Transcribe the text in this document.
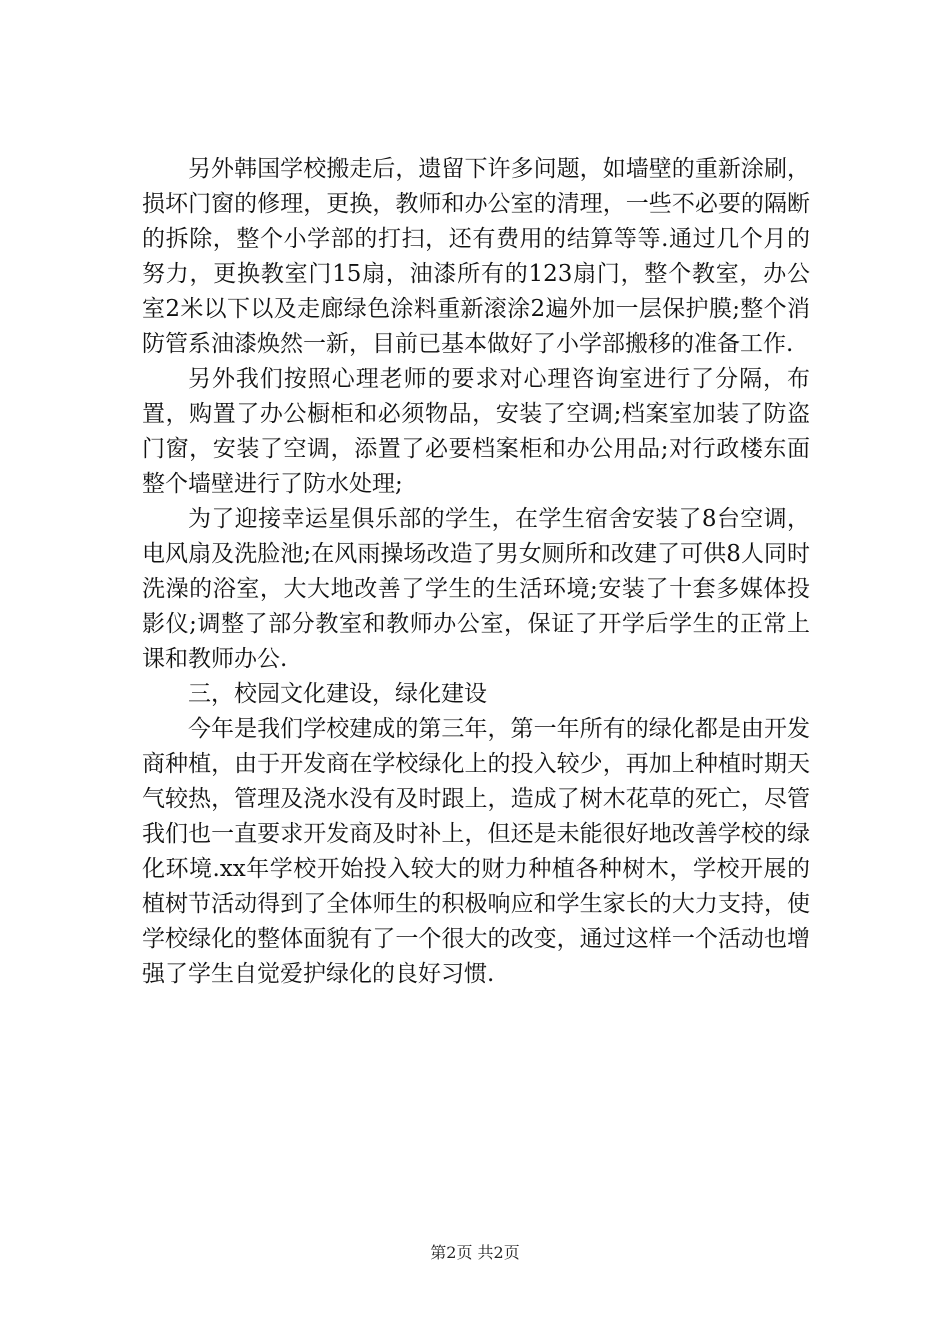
另外韩国学校搬走后，遗留下许多问题，如墙壁的重新涂刷，损坏门窗的修理，更换，教师和办公室的清理，一些不必要的隔断的拆除，整个小学部的打扫，还有费用的结算等等.通过几个月的努力，更换教室门15扇，油漆所有的123扇门，整个教室，办公室2米以下以及走廊绿色涂料重新滚涂2遍外加一层保护膜;整个消防管系油漆焕然一新，目前已基本做好了小学部搬移的准备工作.

另外我们按照心理老师的要求对心理咨询室进行了分隔，布置，购置了办公橱柜和必须物品，安装了空调;档案室加装了防盗门窗，安装了空调，添置了必要档案柜和办公用品;对行政楼东面整个墙壁进行了防水处理;

为了迎接幸运星俱乐部的学生，在学生宿舍安装了8台空调，电风扇及洗脸池;在风雨操场改造了男女厕所和改建了可供8人同时洗澡的浴室，大大地改善了学生的生活环境;安装了十套多媒体投影仪;调整了部分教室和教师办公室，保证了开学后学生的正常上课和教师办公.

三，校园文化建设，绿化建设

今年是我们学校建成的第三年，第一年所有的绿化都是由开发商种植，由于开发商在学校绿化上的投入较少，再加上种植时期天气较热，管理及浇水没有及时跟上，造成了树木花草的死亡，尽管我们也一直要求开发商及时补上，但还是未能很好地改善学校的绿化环境.xx年学校开始投入较大的财力种植各种树木，学校开展的植树节活动得到了全体师生的积极响应和学生家长的大力支持，使学校绿化的整体面貌有了一个很大的改变，通过这样一个活动也增强了学生自觉爱护绿化的良好习惯.

第2页 共2页
